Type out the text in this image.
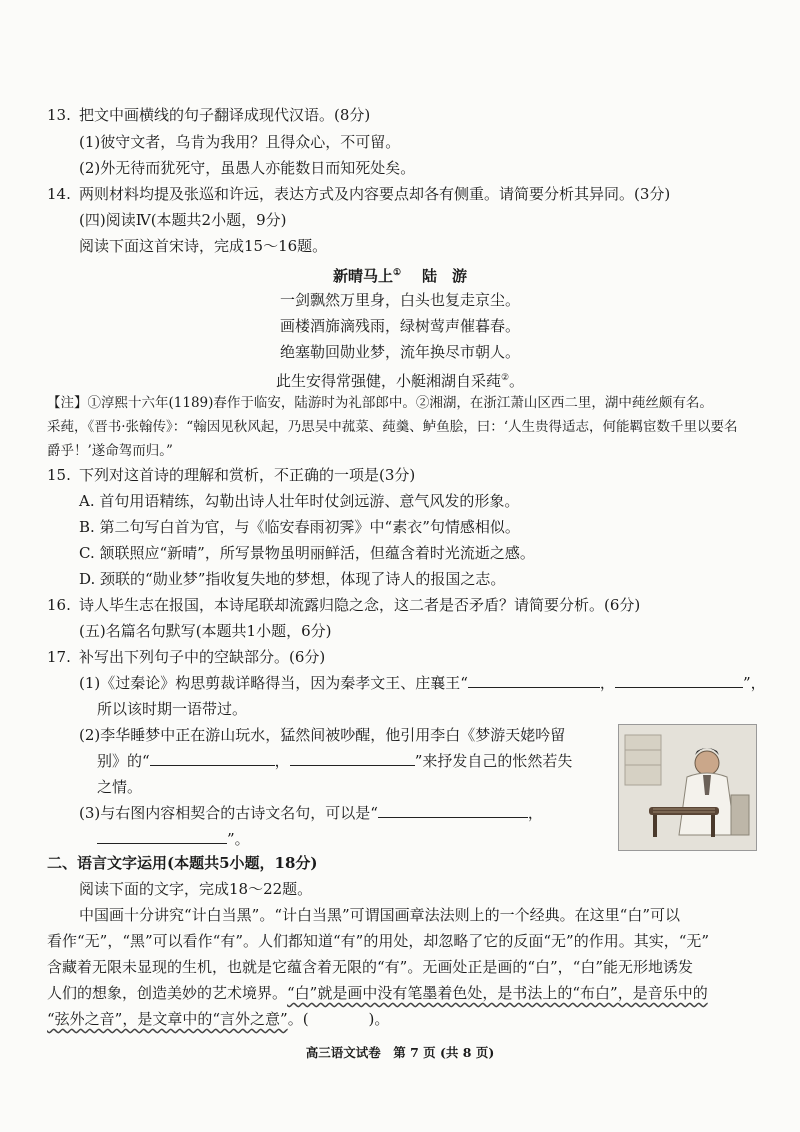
13. 把文中画横线的句子翻译成现代汉语。(8分)
(1)彼守文者，乌肯为我用？且得众心，不可留。
(2)外无待而犹死守，虽愚人亦能数日而知死处矣。
14. 两则材料均提及张巡和许远，表达方式及内容要点却各有侧重。请简要分析其异同。(3分)
(四)阅读Ⅳ(本题共2小题，9分)
阅读下面这首宋诗，完成15～16题。
新晴马上① 陆　游
一剑飘然万里身，白头也复走京尘。
画楼酒旆滴残雨，绿树莺声催暮春。
绝塞勒回勋业梦，流年换尽市朝人。
此生安得常强健，小艇湘湖自采莼②。
【注】①淳熙十六年(1189)春作于临安，陆游时为礼部郎中。②湘湖，在浙江萧山区西二里，湖中莼丝颇有名。
采莼，《晋书·张翰传》：“翰因见秋风起，乃思吴中菰菜、莼羹、鲈鱼脍，曰：‘人生贵得适志，何能羁宦数千里以要名
爵乎！’遂命驾而归。”
15. 下列对这首诗的理解和赏析，不正确的一项是(3分)
A. 首句用语精练，勾勒出诗人壮年时仗剑远游、意气风发的形象。
B. 第二句写白首为官，与《临安春雨初霁》中“素衣”句情感相似。
C. 颔联照应“新晴”，所写景物虽明丽鲜活，但蕴含着时光流逝之感。
D. 颈联的“勋业梦”指收复失地的梦想，体现了诗人的报国之志。
16. 诗人毕生志在报国，本诗尾联却流露归隐之念，这二者是否矛盾？请简要分析。(6分)
(五)名篇名句默写(本题共1小题，6分)
17. 补写出下列句子中的空缺部分。(6分)
(1)《过秦论》构思剪裁详略得当，因为秦孝文王、庄襄王“	，	”，
所以该时期一语带过。
(2)李华睡梦中正在游山玩水，猛然间被吵醒，他引用李白《梦游天姥吟留
别》的“	，	”来抒发自己的怅然若失
之情。
(3)与右图内容相契合的古诗文名句，可以是“	，
”。
二、语言文字运用(本题共5小题，18分)
阅读下面的文字，完成18～22题。
中国画十分讲究“计白当黑”。“计白当黑”可谓国画章法法则上的一个经典。在这里“白”可以
看作“无”，“黑”可以看作“有”。人们都知道“有”的用处，却忽略了它的反面“无”的作用。其实，“无”
含藏着无限未显现的生机，也就是它蕴含着无限的“有”。无画处正是画的“白”，“白”能无形地诱发
人们的想象，创造美妙的艺术境界。“白”就是画中没有笔墨着色处，是书法上的“布白”，是音乐中的
“弦外之音”，是文章中的“言外之意”。(　　　　)。
高三语文试卷　第 7 页 (共 8 页)
